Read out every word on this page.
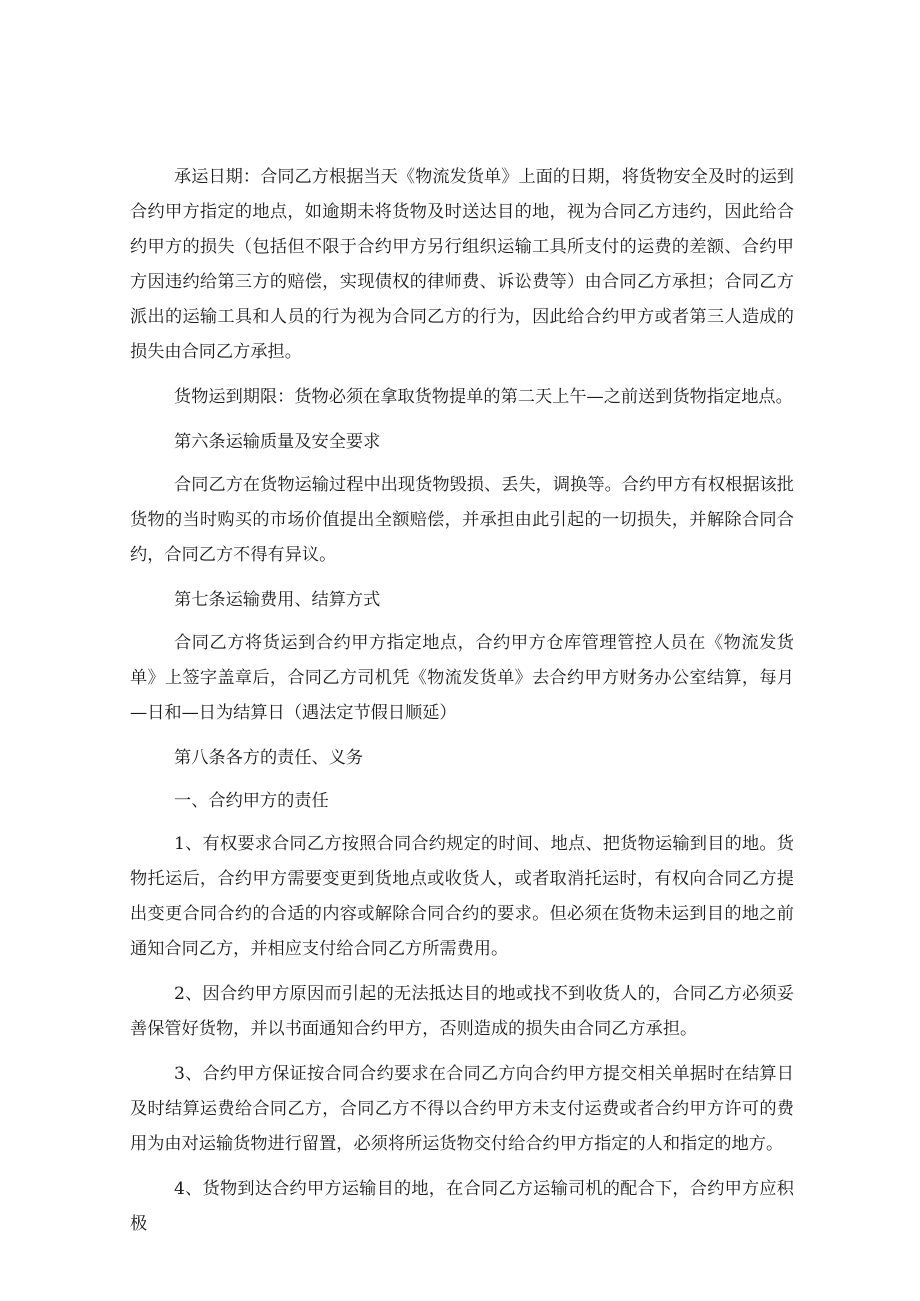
承运日期：合同乙方根据当天《物流发货单》上面的日期，将货物安全及时的运到合约甲方指定的地点，如逾期未将货物及时送达目的地，视为合同乙方违约，因此给合约甲方的损失（包括但不限于合约甲方另行组织运输工具所支付的运费的差额、合约甲方因违约给第三方的赔偿，实现债权的律师费、诉讼费等）由合同乙方承担；合同乙方派出的运输工具和人员的行为视为合同乙方的行为，因此给合约甲方或者第三人造成的损失由合同乙方承担。

货物运到期限：货物必须在拿取货物提单的第二天上午—之前送到货物指定地点。

第六条运输质量及安全要求

合同乙方在货物运输过程中出现货物毁损、丢失，调换等。合约甲方有权根据该批货物的当时购买的市场价值提出全额赔偿，并承担由此引起的一切损失，并解除合同合约，合同乙方不得有异议。

第七条运输费用、结算方式

合同乙方将货运到合约甲方指定地点，合约甲方仓库管理管控人员在《物流发货单》上签字盖章后，合同乙方司机凭《物流发货单》去合约甲方财务办公室结算，每月—日和—日为结算日（遇法定节假日顺延）

第八条各方的责任、义务

一、合约甲方的责任

1、有权要求合同乙方按照合同合约规定的时间、地点、把货物运输到目的地。货物托运后，合约甲方需要变更到货地点或收货人，或者取消托运时，有权向合同乙方提出变更合同合约的合适的内容或解除合同合约的要求。但必须在货物未运到目的地之前通知合同乙方，并相应支付给合同乙方所需费用。

2、因合约甲方原因而引起的无法抵达目的地或找不到收货人的，合同乙方必须妥善保管好货物，并以书面通知合约甲方，否则造成的损失由合同乙方承担。

3、合约甲方保证按合同合约要求在合同乙方向合约甲方提交相关单据时在结算日及时结算运费给合同乙方，合同乙方不得以合约甲方未支付运费或者合约甲方许可的费用为由对运输货物进行留置，必须将所运货物交付给合约甲方指定的人和指定的地方。

4、货物到达合约甲方运输目的地，在合同乙方运输司机的配合下，合约甲方应积极
